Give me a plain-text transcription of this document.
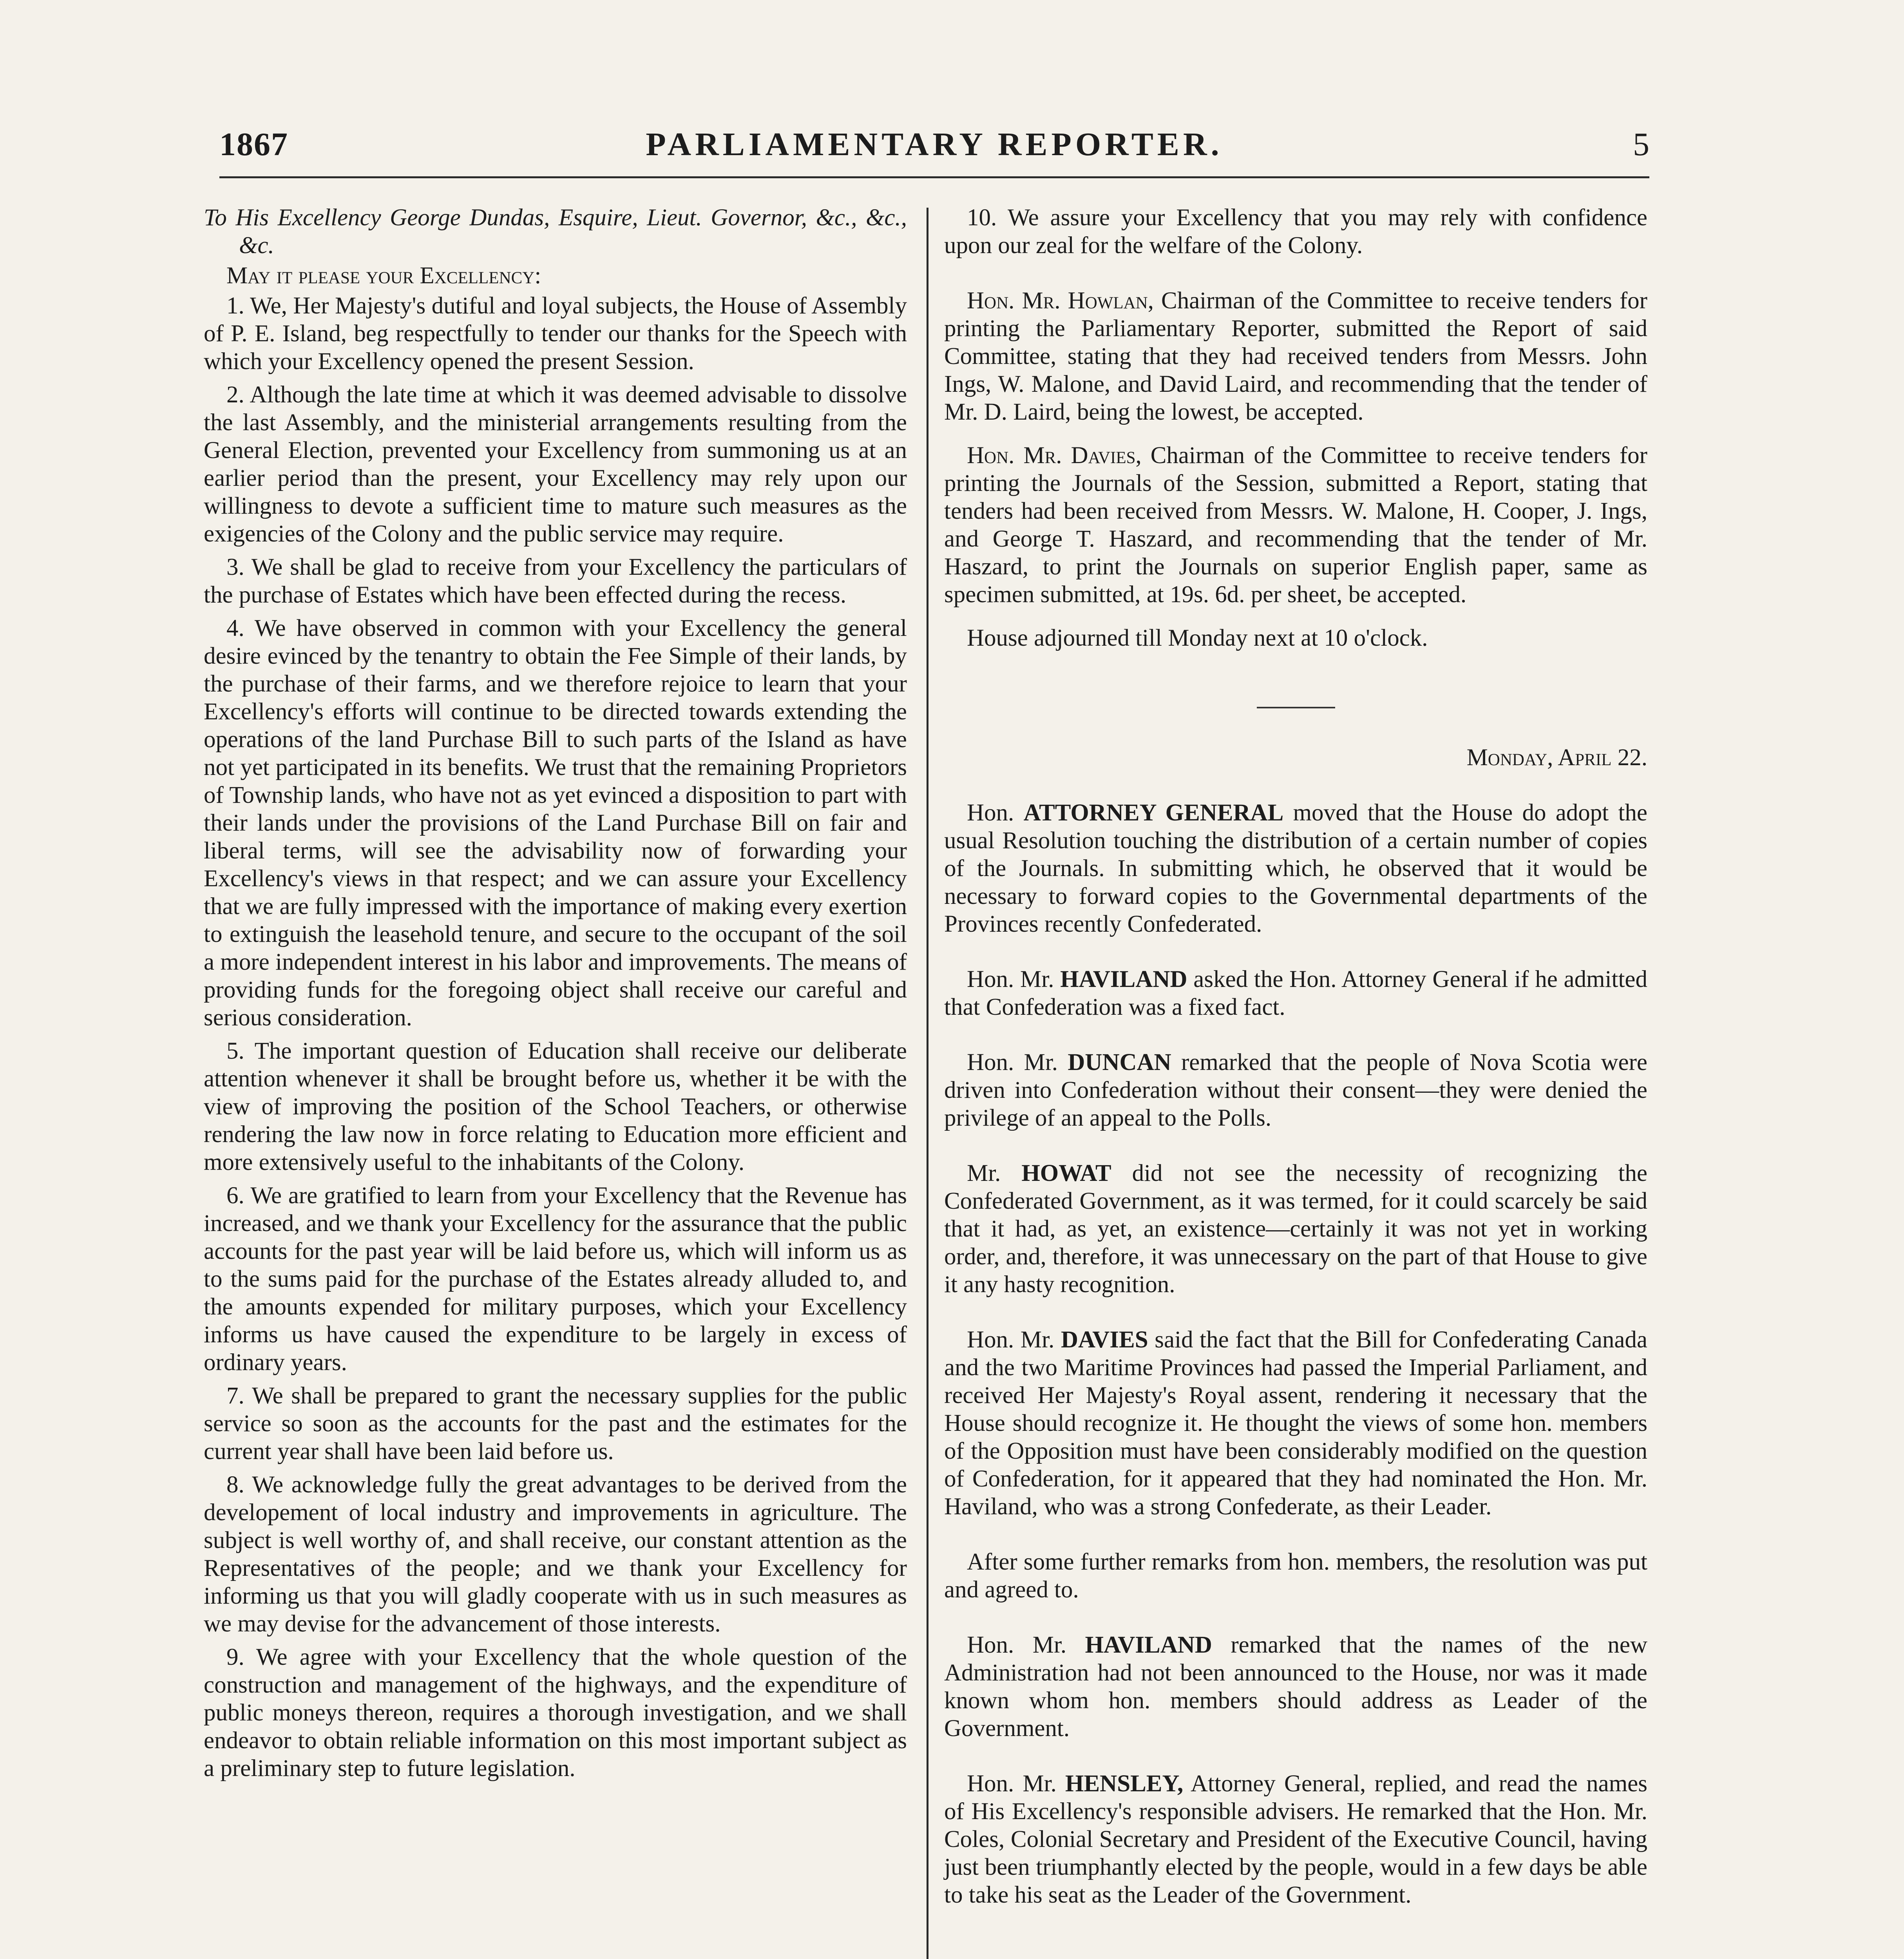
1867	PARLIAMENTARY REPORTER.	5

To His Excellency George Dundas, Esquire, Lieut. Governor, &c., &c., &c.

May it please your Excellency:

1. We, Her Majesty's dutiful and loyal subjects, the House of Assembly of P. E. Island, beg respectfully to tender our thanks for the Speech with which your Excellency opened the present Session.

2. Although the late time at which it was deemed advisable to dissolve the last Assembly, and the ministerial arrangements resulting from the General Election, prevented your Excellency from summoning us at an earlier period than the present, your Excellency may rely upon our willingness to devote a sufficient time to mature such measures as the exigencies of the Colony and the public service may require.

3. We shall be glad to receive from your Excellency the particulars of the purchase of Estates which have been effected during the recess.

4. We have observed in common with your Excellency the general desire evinced by the tenantry to obtain the Fee Simple of their lands, by the purchase of their farms, and we therefore rejoice to learn that your Excellency's efforts will continue to be directed towards extending the operations of the land Purchase Bill to such parts of the Island as have not yet participated in its benefits. We trust that the remaining Proprietors of Township lands, who have not as yet evinced a disposition to part with their lands under the provisions of the Land Purchase Bill on fair and liberal terms, will see the advisability now of forwarding your Excellency's views in that respect; and we can assure your Excellency that we are fully impressed with the importance of making every exertion to extinguish the leasehold tenure, and secure to the occupant of the soil a more independent interest in his labor and improvements. The means of providing funds for the foregoing object shall receive our careful and serious consideration.

5. The important question of Education shall receive our deliberate attention whenever it shall be brought before us, whether it be with the view of improving the position of the School Teachers, or otherwise rendering the law now in force relating to Education more efficient and more extensively useful to the inhabitants of the Colony.

6. We are gratified to learn from your Excellency that the Revenue has increased, and we thank your Excellency for the assurance that the public accounts for the past year will be laid before us, which will inform us as to the sums paid for the purchase of the Estates already alluded to, and the amounts expended for military purposes, which your Excellency informs us have caused the expenditure to be largely in excess of ordinary years.

7. We shall be prepared to grant the necessary supplies for the public service so soon as the accounts for the past and the estimates for the current year shall have been laid before us.

8. We acknowledge fully the great advantages to be derived from the developement of local industry and improvements in agriculture. The subject is well worthy of, and shall receive, our constant attention as the Representatives of the people; and we thank your Excellency for informing us that you will gladly cooperate with us in such measures as we may devise for the advancement of those interests.

9. We agree with your Excellency that the whole question of the construction and management of the highways, and the expenditure of public moneys thereon, requires a thorough investigation, and we shall endeavor to obtain reliable information on this most important subject as a preliminary step to future legislation.

10. We assure your Excellency that you may rely with confidence upon our zeal for the welfare of the Colony.

Hon. Mr. Howlan, Chairman of the Committee to receive tenders for printing the Parliamentary Reporter, submitted the Report of said Committee, stating that they had received tenders from Messrs. John Ings, W. Malone, and David Laird, and recommending that the tender of Mr. D. Laird, being the lowest, be accepted.

Hon. Mr. Davies, Chairman of the Committee to receive tenders for printing the Journals of the Session, submitted a Report, stating that tenders had been received from Messrs. W. Malone, H. Cooper, J. Ings, and George T. Haszard, and recommending that the tender of Mr. Haszard, to print the Journals on superior English paper, same as specimen submitted, at 19s. 6d. per sheet, be accepted.

House adjourned till Monday next at 10 o'clock.

Monday, April 22.

Hon. ATTORNEY GENERAL moved that the House do adopt the usual Resolution touching the distribution of a certain number of copies of the Journals. In submitting which, he observed that it would be necessary to forward copies to the Governmental departments of the Provinces recently Confederated.

Hon. Mr. HAVILAND asked the Hon. Attorney General if he admitted that Confederation was a fixed fact.

Hon. Mr. DUNCAN remarked that the people of Nova Scotia were driven into Confederation without their consent—they were denied the privilege of an appeal to the Polls.

Mr. HOWAT did not see the necessity of recognizing the Confederated Government, as it was termed, for it could scarcely be said that it had, as yet, an existence—certainly it was not yet in working order, and, therefore, it was unnecessary on the part of that House to give it any hasty recognition.

Hon. Mr. DAVIES said the fact that the Bill for Confederating Canada and the two Maritime Provinces had passed the Imperial Parliament, and received Her Majesty's Royal assent, rendering it necessary that the House should recognize it. He thought the views of some hon. members of the Opposition must have been considerably modified on the question of Confederation, for it appeared that they had nominated the Hon. Mr. Haviland, who was a strong Confederate, as their Leader.

After some further remarks from hon. members, the resolution was put and agreed to.

Hon. Mr. HAVILAND remarked that the names of the new Administration had not been announced to the House, nor was it made known whom hon. members should address as Leader of the Government.

Hon. Mr. HENSLEY, Attorney General, replied, and read the names of His Excellency's responsible advisers. He remarked that the Hon. Mr. Coles, Colonial Secretary and President of the Executive Council, having just been triumphantly elected by the people, would in a few days be able to take his seat as the Leader of the Government.
